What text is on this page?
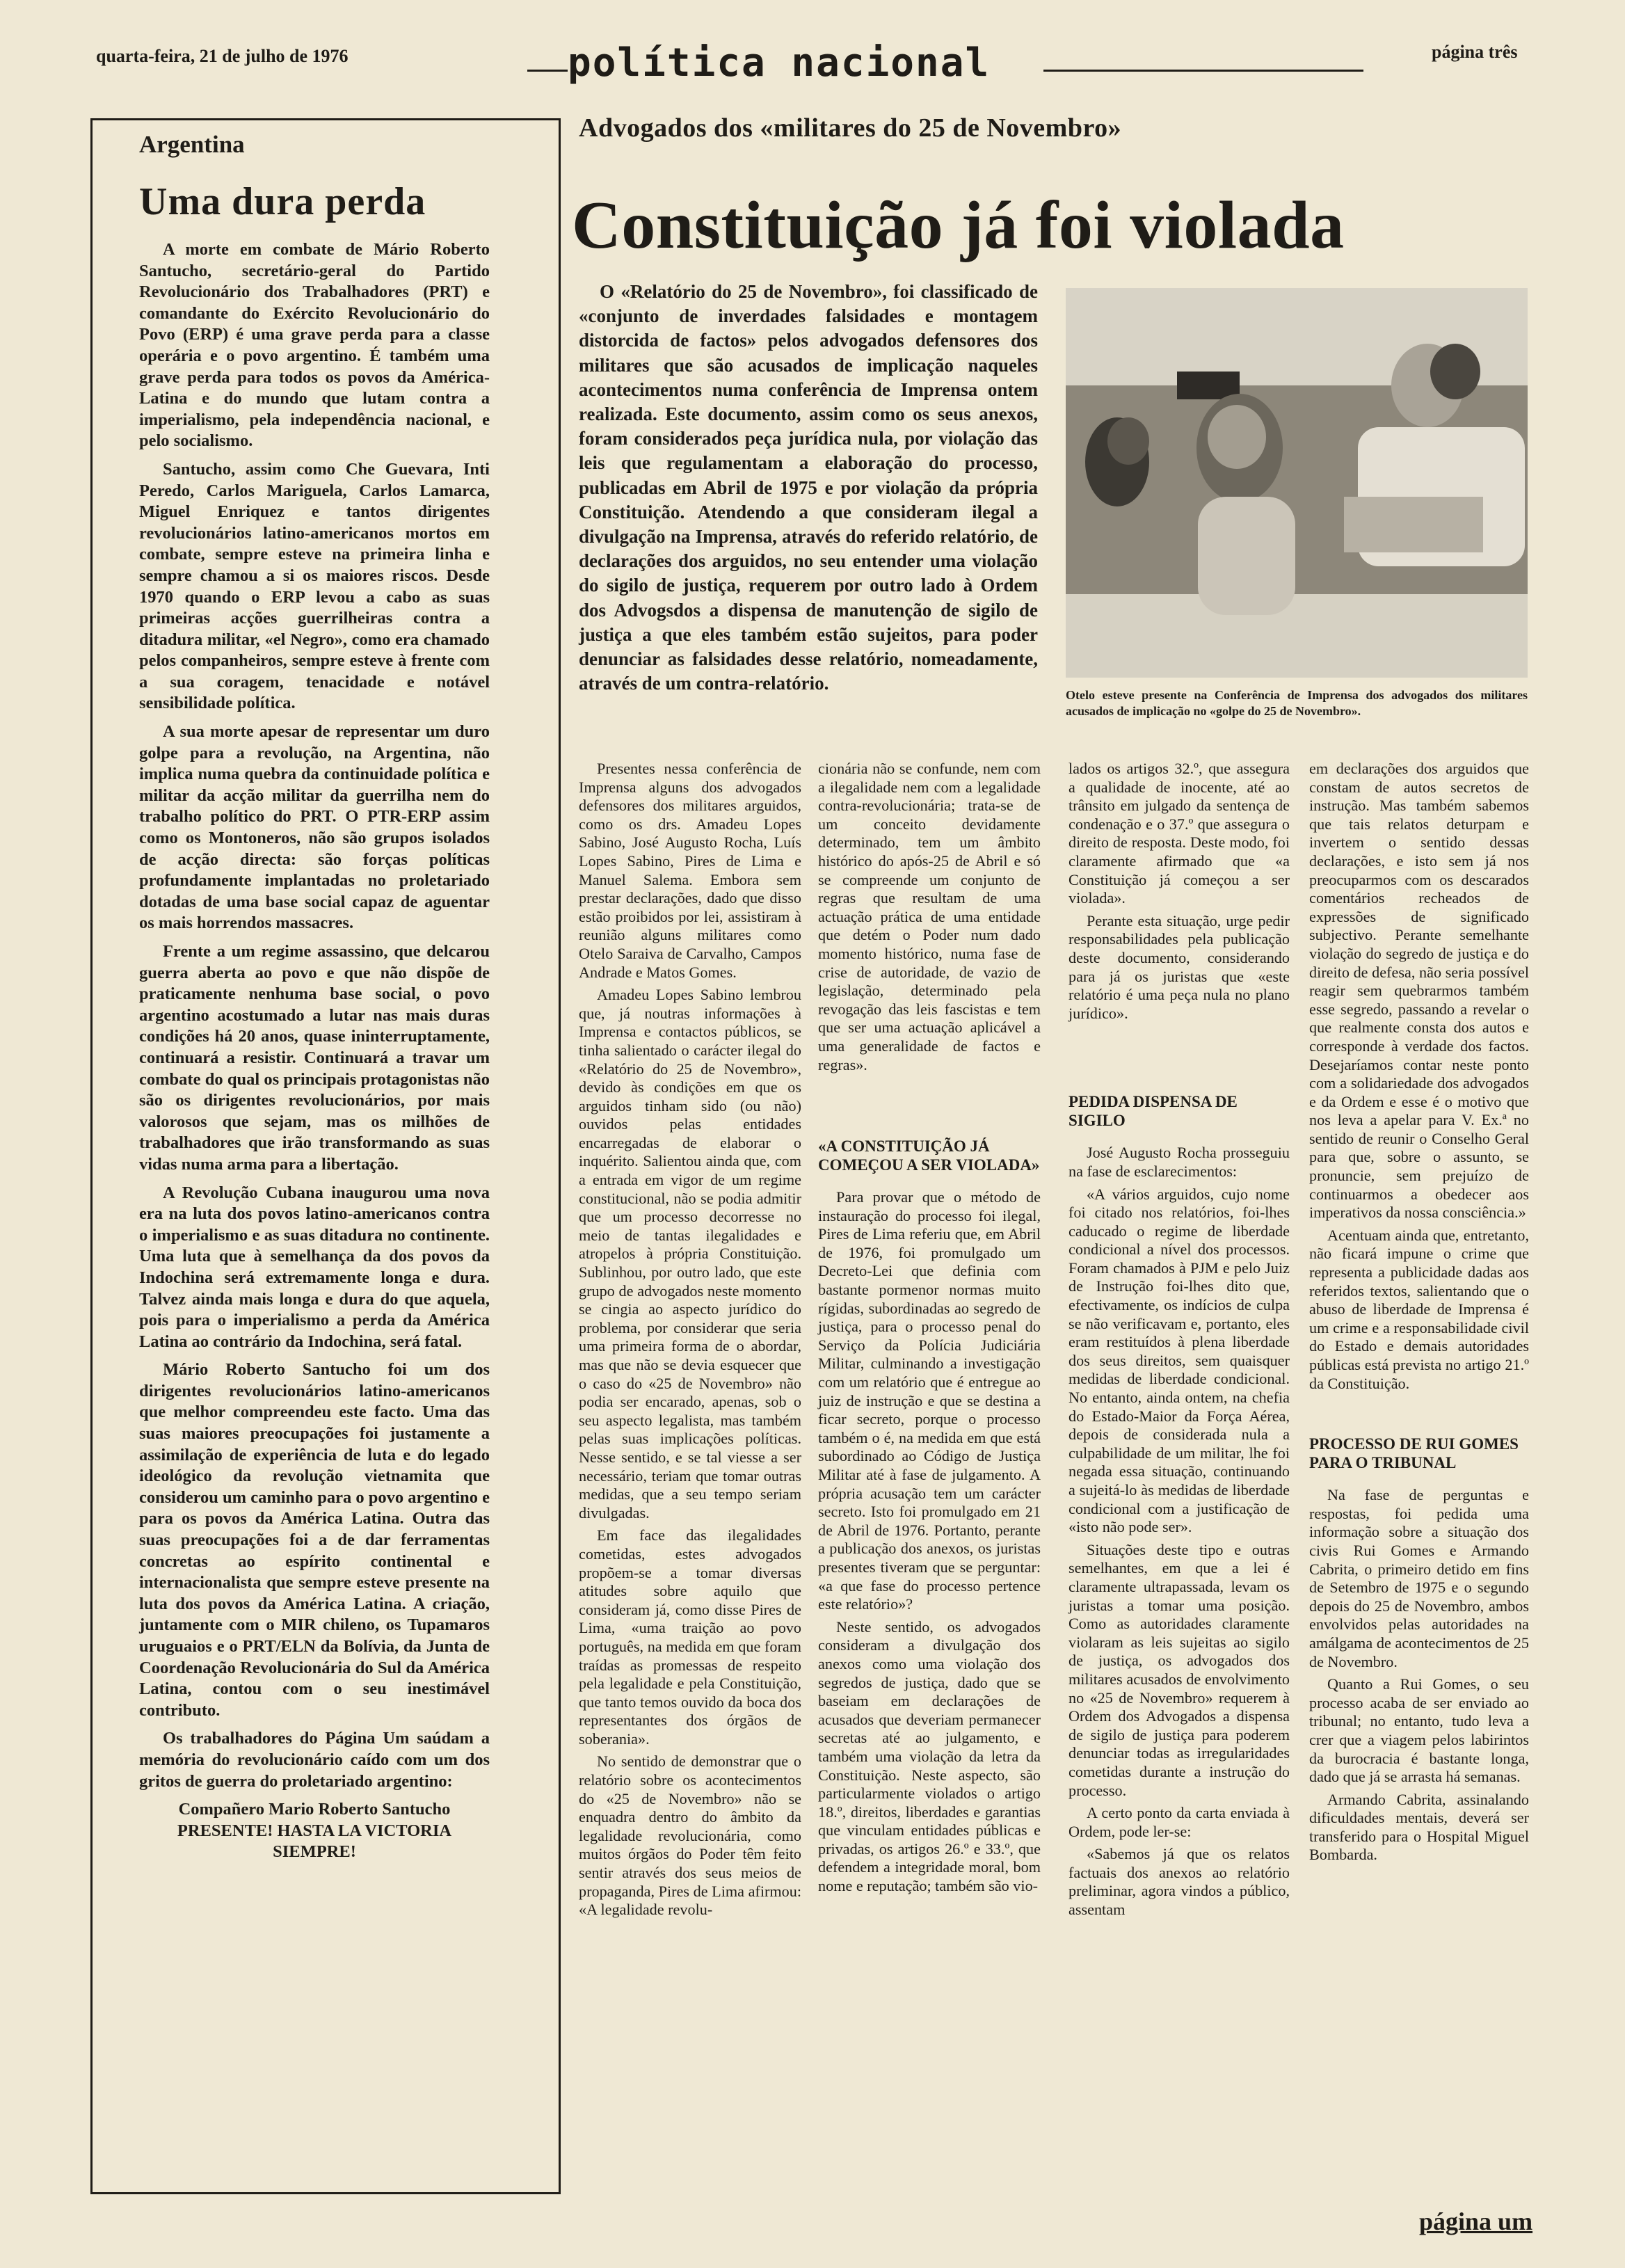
quarta-feira, 21 de julho de 1976	política nacional	página três
Argentina
Uma dura perda

A morte em combate de Mário Roberto Santucho, secretário-geral do Partido Revolucionário dos Trabalhadores (PRT) e comandante do Exército Revolucionário do Povo (ERP) é uma grave perda para a classe operária e o povo argentino. É também uma grave perda para todos os povos da América-Latina e do mundo que lutam contra a imperialismo, pela independência nacional, e pelo socialismo.

Santucho, assim como Che Guevara, Inti Peredo, Carlos Mariguela, Carlos Lamarca, Miguel Enriquez e tantos dirigentes revolucionários latino-americanos mortos em combate, sempre esteve na primeira linha e sempre chamou a si os maiores riscos. Desde 1970 quando o ERP levou a cabo as suas primeiras acções guerrilheiras contra a ditadura militar, «el Negro», como era chamado pelos companheiros, sempre esteve à frente com a sua coragem, tenacidade e notável sensibilidade política.

A sua morte apesar de representar um duro golpe para a revolução, na Argentina, não implica numa quebra da continuidade política e militar da acção militar da guerrilha nem do trabalho político do PRT. O PTR-ERP assim como os Montoneros, não são grupos isolados de acção directa: são forças políticas profundamente implantadas no proletariado dotadas de uma base social capaz de aguentar os mais horrendos massacres.

Frente a um regime assassino, que delcarou guerra aberta ao povo e que não dispõe de praticamente nenhuma base social, o povo argentino acostumado a lutar nas mais duras condições há 20 anos, quase ininterruptamente, continuará a resistir. Continuará a travar um combate do qual os principais protagonistas não são os dirigentes revolucionários, por mais valorosos que sejam, mas os milhões de trabalhadores que irão transformando as suas vidas numa arma para a libertação.

A Revolução Cubana inaugurou uma nova era na luta dos povos latino-americanos contra o imperialismo e as suas ditadura no continente. Uma luta que à semelhança da dos povos da Indochina será extremamente longa e dura. Talvez ainda mais longa e dura do que aquela, pois para o imperialismo a perda da América Latina ao contrário da Indochina, será fatal.

Mário Roberto Santucho foi um dos dirigentes revolucionários latino-americanos que melhor compreendeu este facto. Uma das suas maiores preocupações foi justamente a assimilação de experiência de luta e do legado ideológico da revolução vietnamita que considerou um caminho para o povo argentino e para os povos da América Latina. Outra das suas preocupações foi a de dar ferramentas concretas ao espírito continental e internacionalista que sempre esteve presente na luta dos povos da América Latina. A criação, juntamente com o MIR chileno, os Tupamaros uruguaios e o PRT/ELN da Bolívia, da Junta de Coordenação Revolucionária do Sul da América Latina, contou com o seu inestimável contributo.

Os trabalhadores do Página Um saúdam a memória do revolucionário caído com um dos gritos de guerra do proletariado argentino:

Compañero Mario Roberto Santucho PRESENTE! HASTA LA VICTORIA SIEMPRE!

Advogados dos «militares do 25 de Novembro»
Constituição já foi violada

O «Relatório do 25 de Novembro», foi classificado de «conjunto de inverdades falsidades e montagem distorcida de factos» pelos advogados defensores dos militares que são acusados de implicação naqueles acontecimentos numa conferência de Imprensa ontem realizada. Este documento, assim como os seus anexos, foram considerados peça jurídica nula, por violação das leis que regulamentam a elaboração do processo, publicadas em Abril de 1975 e por violação da própria Constituição. Atendendo a que consideram ilegal a divulgação na Imprensa, através do referido relatório, de declarações dos arguidos, no seu entender uma violação do sigilo de justiça, requerem por outro lado à Ordem dos Advogsdos a dispensa de manutenção de sigilo de justiça a que eles também estão sujeitos, para poder denunciar as falsidades desse relatório, nomeadamente, através de um contra-relatório.

Otelo esteve presente na Conferência de Imprensa dos advogados dos militares acusados de implicação no «golpe do 25 de Novembro».

Presentes nessa conferência de Imprensa alguns dos advogados defensores dos militares arguidos, como os drs. Amadeu Lopes Sabino, José Augusto Rocha, Luís Lopes Sabino, Pires de Lima e Manuel Salema. Embora sem prestar declarações, dado que disso estão proibidos por lei, assistiram à reunião alguns militares como Otelo Saraiva de Carvalho, Campos Andrade e Matos Gomes.

Amadeu Lopes Sabino lembrou que, já noutras informações à Imprensa e contactos públicos, se tinha salientado o carácter ilegal do «Relatório do 25 de Novembro», devido às condições em que os arguidos tinham sido (ou não) ouvidos pelas entidades encarregadas de elaborar o inquérito. Salientou ainda que, com a entrada em vigor de um regime constitucional, não se podia admitir que um processo decorresse no meio de tantas ilegalidades e atropelos à própria Constituição. Sublinhou, por outro lado, que este grupo de advogados neste momento se cingia ao aspecto jurídico do problema, por considerar que seria uma primeira forma de o abordar, mas que não se devia esquecer que o caso do «25 de Novembro» não podia ser encarado, apenas, sob o seu aspecto legalista, mas também pelas suas implicações políticas. Nesse sentido, e se tal viesse a ser necessário, teriam que tomar outras medidas, que a seu tempo seriam divulgadas.

Em face das ilegalidades cometidas, estes advogados propõem-se a tomar diversas atitudes sobre aquilo que consideram já, como disse Pires de Lima, «uma traição ao povo português, na medida em que foram traídas as promessas de respeito pela legalidade e pela Constituição, que tanto temos ouvido da boca dos representantes dos órgãos de soberania».

No sentido de demonstrar que o relatório sobre os acontecimentos do «25 de Novembro» não se enquadra dentro do âmbito da legalidade revolucionária, como muitos órgãos do Poder têm feito sentir através dos seus meios de propaganda, Pires de Lima afirmou: «A legalidade revolu-

cionária não se confunde, nem com a ilegalidade nem com a legalidade contra-revolucionária; trata-se de um conceito devidamente determinado, tem um âmbito histórico do após-25 de Abril e só se compreende um conjunto de regras que resultam de uma actuação prática de uma entidade que detém o Poder num dado momento histórico, numa fase de crise de autoridade, de vazio de legislação, determinado pela revogação das leis fascistas e tem que ser uma actuação aplicável a uma generalidade de factos e regras».

«A CONSTITUIÇÃO JÁ COMEÇOU A SER VIOLADA»

Para provar que o método de instauração do processo foi ilegal, Pires de Lima referiu que, em Abril de 1976, foi promulgado um Decreto-Lei que definia com bastante pormenor normas muito rígidas, subordinadas ao segredo de justiça, para o processo penal do Serviço da Polícia Judiciária Militar, culminando a investigação com um relatório que é entregue ao juiz de instrução e que se destina a ficar secreto, porque o processo também o é, na medida em que está subordinado ao Código de Justiça Militar até à fase de julgamento. A própria acusação tem um carácter secreto. Isto foi promulgado em 21 de Abril de 1976. Portanto, perante a publicação dos anexos, os juristas presentes tiveram que se perguntar: «a que fase do processo pertence este relatório»?

Neste sentido, os advogados consideram a divulgação dos anexos como uma violação dos segredos de justiça, dado que se baseiam em declarações de acusados que deveriam permanecer secretas até ao julgamento, e também uma violação da letra da Constituição. Neste aspecto, são particularmente violados o artigo 18.º, direitos, liberdades e garantias que vinculam entidades públicas e privadas, os artigos 26.º e 33.º, que defendem a integridade moral, bom nome e reputação; também são vio-

lados os artigos 32.º, que assegura a qualidade de inocente, até ao trânsito em julgado da sentença de condenação e o 37.º que assegura o direito de resposta. Deste modo, foi claramente afirmado que «a Constituição já começou a ser violada».

Perante esta situação, urge pedir responsabilidades pela publicação deste documento, considerando para já os juristas que «este relatório é uma peça nula no plano jurídico».

PEDIDA DISPENSA DE SIGILO

José Augusto Rocha prosseguiu na fase de esclarecimentos:

«A vários arguidos, cujo nome foi citado nos relatórios, foi-lhes caducado o regime de liberdade condicional a nível dos processos. Foram chamados à PJM e pelo Juiz de Instrução foi-lhes dito que, efectivamente, os indícios de culpa se não verificavam e, portanto, eles eram restituídos à plena liberdade dos seus direitos, sem quaisquer medidas de liberdade condicional. No entanto, ainda ontem, na chefia do Estado-Maior da Força Aérea, depois de considerada nula a culpabilidade de um militar, lhe foi negada essa situação, continuando a sujeitá-lo às medidas de liberdade condicional com a justificação de «isto não pode ser».

Situações deste tipo e outras semelhantes, em que a lei é claramente ultrapassada, levam os juristas a tomar uma posição. Como as autoridades claramente violaram as leis sujeitas ao sigilo de justiça, os advogados dos militares acusados de envolvimento no «25 de Novembro» requerem à Ordem dos Advogados a dispensa de sigilo de justiça para poderem denunciar todas as irregularidades cometidas durante a instrução do processo.

A certo ponto da carta enviada à Ordem, pode ler-se:

«Sabemos já que os relatos factuais dos anexos ao relatório preliminar, agora vindos a público, assentam

em declarações dos arguidos que constam de autos secretos de instrução. Mas também sabemos que tais relatos deturpam e invertem o sentido dessas declarações, e isto sem já nos preocuparmos com os descarados comentários recheados de expressões de significado subjectivo. Perante semelhante violação do segredo de justiça e do direito de defesa, não seria possível reagir sem quebrarmos também esse segredo, passando a revelar o que realmente consta dos autos e corresponde à verdade dos factos. Desejaríamos contar neste ponto com a solidariedade dos advogados e da Ordem e esse é o motivo que nos leva a apelar para V. Ex.ª no sentido de reunir o Conselho Geral para que, sobre o assunto, se pronuncie, sem prejuízo de continuarmos a obedecer aos imperativos da nossa consciência.»

Acentuam ainda que, entretanto, não ficará impune o crime que representa a publicidade dadas aos referidos textos, salientando que o abuso de liberdade de Imprensa é um crime e a responsabilidade civil do Estado e demais autoridades públicas está prevista no artigo 21.º da Constituição.

PROCESSO DE RUI GOMES PARA O TRIBUNAL

Na fase de perguntas e respostas, foi pedida uma informação sobre a situação dos civis Rui Gomes e Armando Cabrita, o primeiro detido em fins de Setembro de 1975 e o segundo depois do 25 de Novembro, ambos envolvidos pelas autoridades na amálgama de acontecimentos de 25 de Novembro.

Quanto a Rui Gomes, o seu processo acaba de ser enviado ao tribunal; no entanto, tudo leva a crer que a viagem pelos labirintos da burocracia é bastante longa, dado que já se arrasta há semanas.

Armando Cabrita, assinalando dificuldades mentais, deverá ser transferido para o Hospital Miguel Bombarda.

página um
